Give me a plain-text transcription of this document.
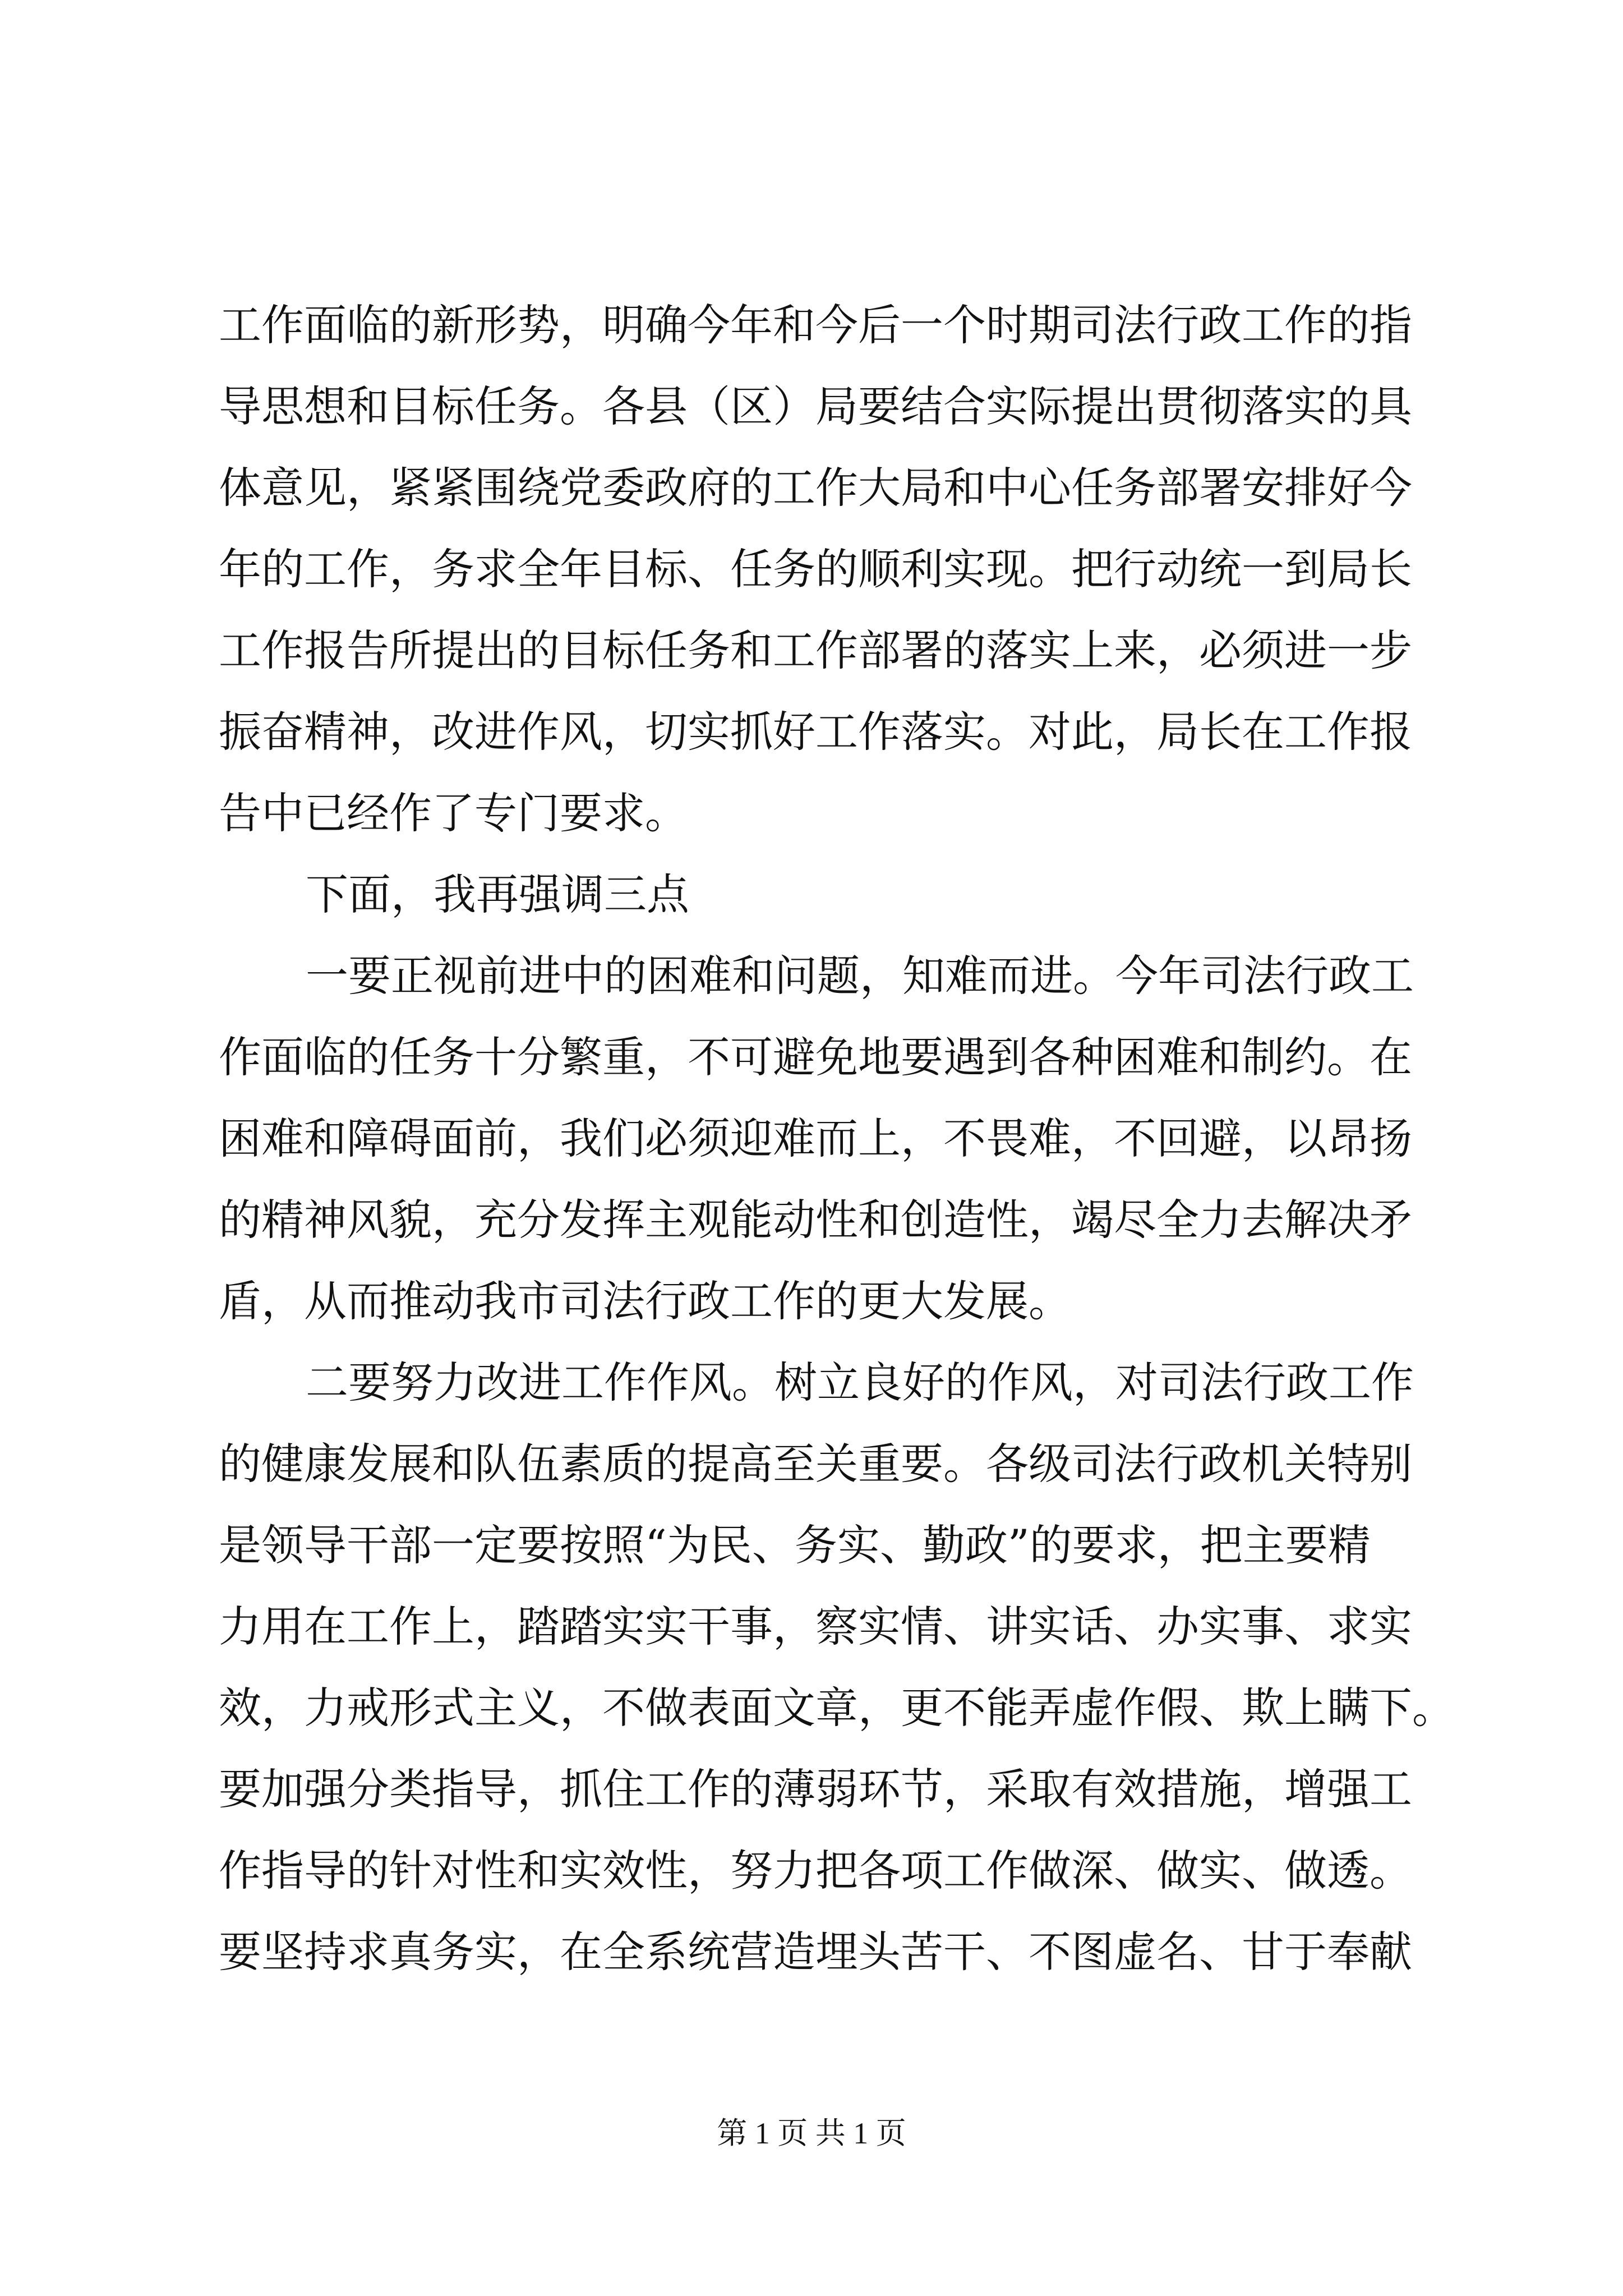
工作面临的新形势，明确今年和今后一个时期司法行政工作的指
导思想和目标任务。各县（区）局要结合实际提出贯彻落实的具
体意见，紧紧围绕党委政府的工作大局和中心任务部署安排好今
年的工作，务求全年目标、任务的顺利实现。把行动统一到局长
工作报告所提出的目标任务和工作部署的落实上来，必须进一步
振奋精神，改进作风，切实抓好工作落实。对此，局长在工作报
告中已经作了专门要求。
下面，我再强调三点
一要正视前进中的困难和问题，知难而进。今年司法行政工
作面临的任务十分繁重，不可避免地要遇到各种困难和制约。在
困难和障碍面前，我们必须迎难而上，不畏难，不回避，以昂扬
的精神风貌，充分发挥主观能动性和创造性，竭尽全力去解决矛
盾，从而推动我市司法行政工作的更大发展。
二要努力改进工作作风。树立良好的作风，对司法行政工作
的健康发展和队伍素质的提高至关重要。各级司法行政机关特别
是领导干部一定要按照“为民、务实、勤政”的要求，把主要精
力用在工作上，踏踏实实干事，察实情、讲实话、办实事、求实
效，力戒形式主义，不做表面文章，更不能弄虚作假、欺上瞒下。
要加强分类指导，抓住工作的薄弱环节，采取有效措施，增强工
作指导的针对性和实效性，努力把各项工作做深、做实、做透。
要坚持求真务实，在全系统营造埋头苦干、不图虚名、甘于奉献
第 1 页 共 1 页
